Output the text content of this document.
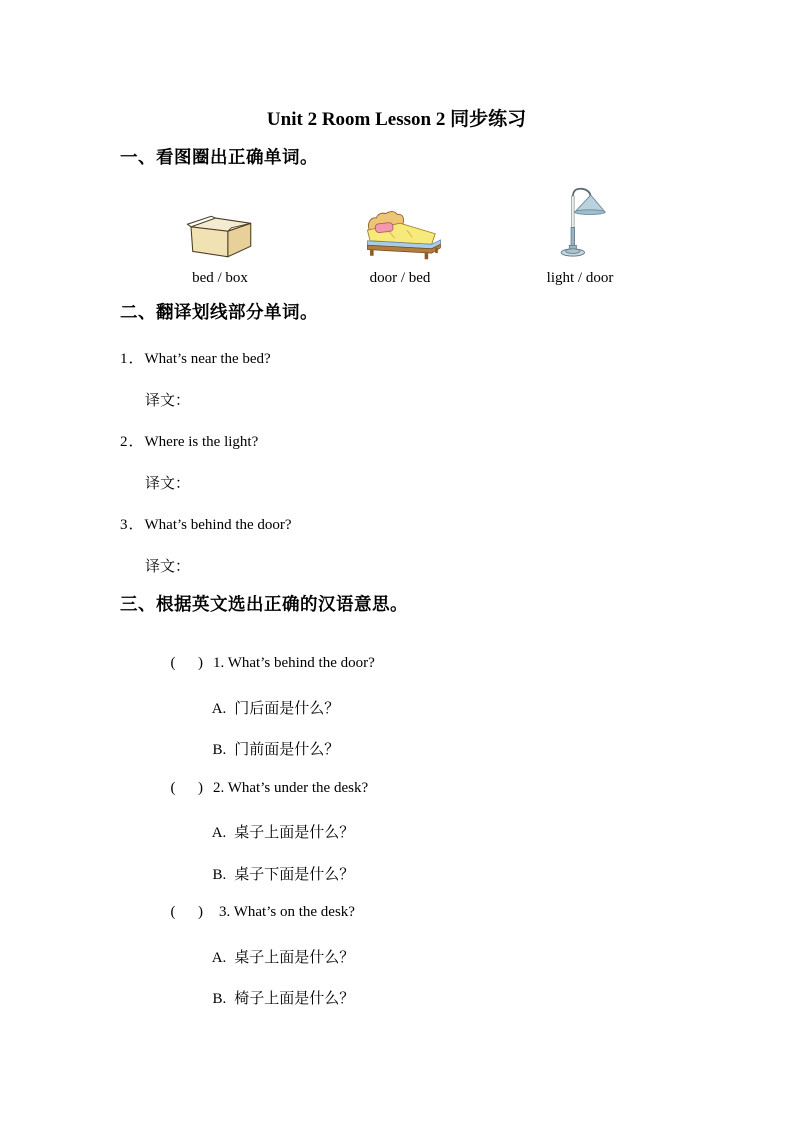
Unit 2 Room Lesson 2 同步练习
一、看图圈出正确单词。
bed / box	door / bed	light / door
二、翻译划线部分单词。
1．What’s near the bed?
译文：
2．Where is the light?
译文：
3．What’s behind the door?
译文：
三、根据英文选出正确的汉语意思。

(      ) 1. What’s behind the door?

A. 门后面是什么？

B. 门前面是什么？

(      ) 2. What’s under the desk?

A. 桌子上面是什么？

B. 桌子下面是什么？

(      ) 3. What’s on the desk?

A. 桌子上面是什么？

B. 椅子上面是什么？
